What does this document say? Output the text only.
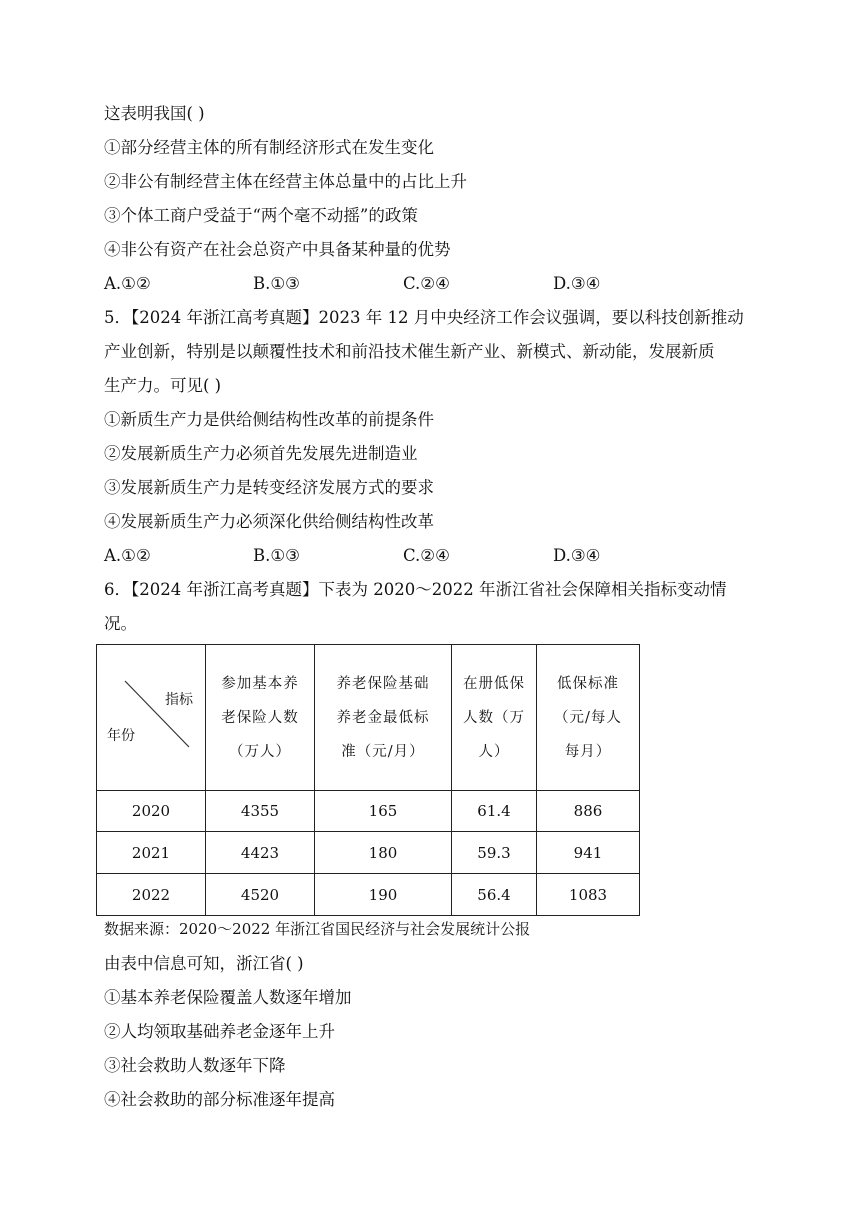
这表明我国( )
①部分经营主体的所有制经济形式在发生变化
②非公有制经营主体在经营主体总量中的占比上升
③个体工商户受益于“两个毫不动摇”的政策
④非公有资产在社会总资产中具备某种量的优势
A.①②	B.①③	C.②④	D.③④
5．【2024 年浙江高考真题】2023 年 12 月中央经济工作会议强调，要以科技创新推动
产业创新，特别是以颠覆性技术和前沿技术催生新产业、新模式、新动能，发展新质
生产力。可见( )
①新质生产力是供给侧结构性改革的前提条件
②发展新质生产力必须首先发展先进制造业
③发展新质生产力是转变经济发展方式的要求
④发展新质生产力必须深化供给侧结构性改革
A.①②	B.①③	C.②④	D.③④
6．【2024 年浙江高考真题】下表为 2020～2022 年浙江省社会保障相关指标变动情
况。
指标
年份	参加基本养老保险人数（万人）	养老保险基础养老金最低标准（元/月）	在册低保人数（万人）	低保标准（元/每人每月）

2020	4355	165	61.4	886
2021	4423	180	59.3	941
2022	4520	190	56.4	1083
数据来源：2020～2022 年浙江省国民经济与社会发展统计公报
由表中信息可知，浙江省( )
①基本养老保险覆盖人数逐年增加
②人均领取基础养老金逐年上升
③社会救助人数逐年下降
④社会救助的部分标准逐年提高
